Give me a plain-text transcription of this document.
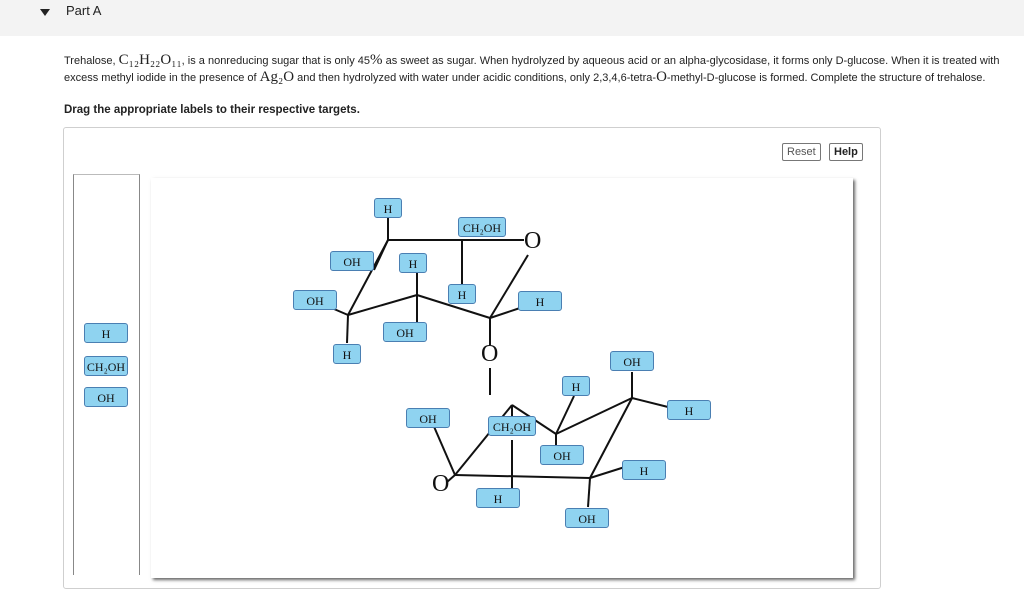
Part A
Trehalose, C₁₂H₂₂O₁₁, is a nonreducing sugar that is only 45% as sweet as sugar. When hydrolyzed by aqueous acid or an alpha-glycosidase, it forms only D-glucose. When it is treated with excess methyl iodide in the presence of Ag₂O and then hydrolyzed with water under acidic conditions, only 2,3,4,6-tetra-O-methyl-D-glucose is formed. Complete the structure of trehalose.
Drag the appropriate labels to their respective targets.
Reset	Help
H
CH₂OH
OH
O
O
O
H
CH₂OH
OH	H
H
OH	H
OH
H	OH
H
H
OH
CH₂OH
OH
H
H
OH
